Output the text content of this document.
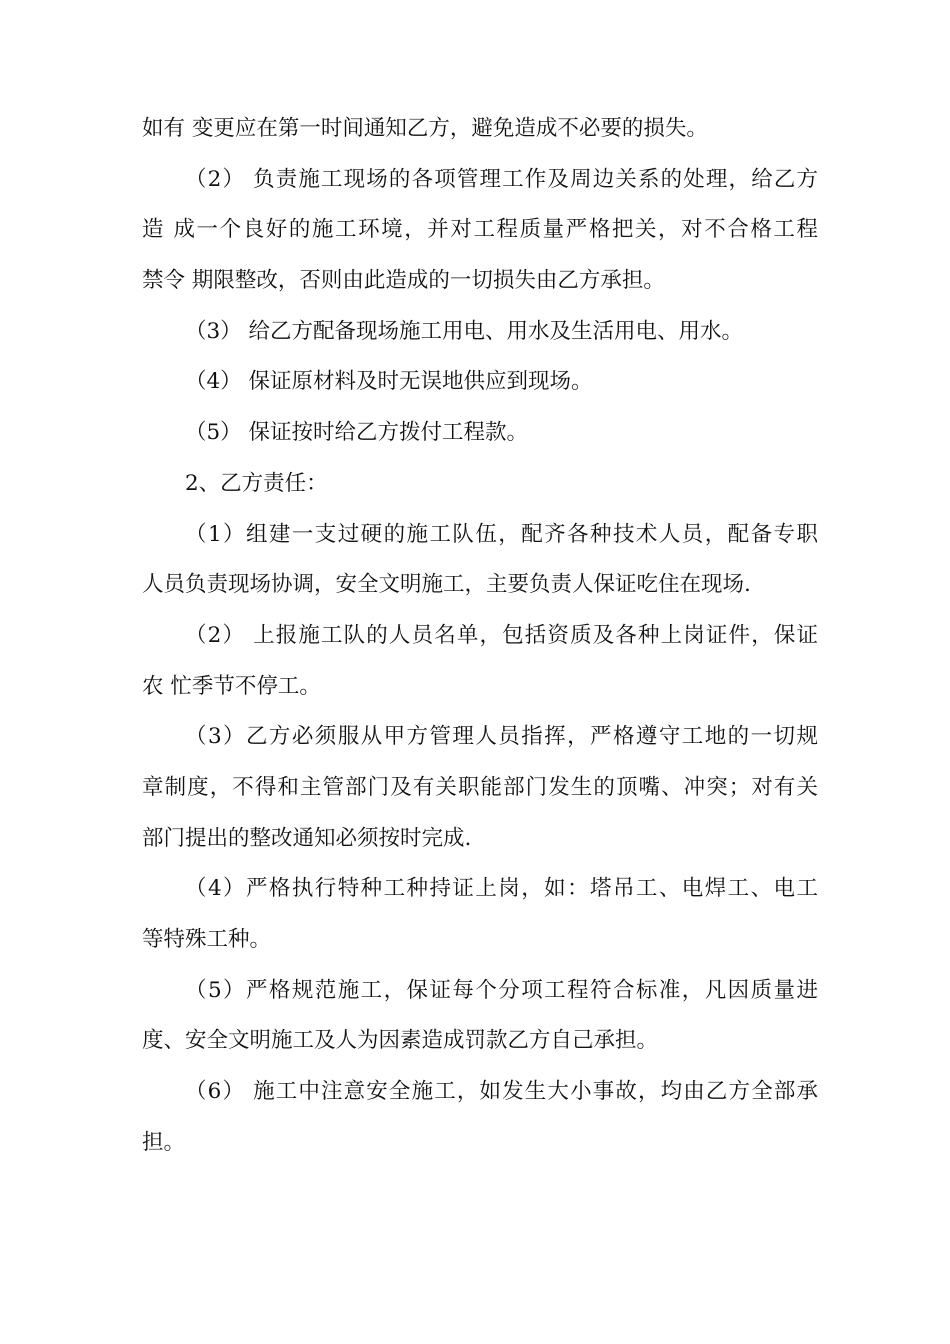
如有 变更应在第一时间通知乙方，避免造成不必要的损失。
（2） 负责施工现场的各项管理工作及周边关系的处理，给乙方
造 成一个良好的施工环境，并对工程质量严格把关，对不合格工程
禁令 期限整改，否则由此造成的一切损失由乙方承担。
（3） 给乙方配备现场施工用电、用水及生活用电、用水。
（4） 保证原材料及时无误地供应到现场。
（5） 保证按时给乙方拨付工程款。
2、乙方责任：
（1）组建一支过硬的施工队伍，配齐各种技术人员，配备专职
人员负责现场协调，安全文明施工，主要负责人保证吃住在现场.
（2） 上报施工队的人员名单，包括资质及各种上岗证件，保证
农 忙季节不停工。
（3）乙方必须服从甲方管理人员指挥，严格遵守工地的一切规
章制度，不得和主管部门及有关职能部门发生的顶嘴、冲突；对有关
部门提出的整改通知必须按时完成.
（4）严格执行特种工种持证上岗，如：塔吊工、电焊工、电工
等特殊工种。
（5）严格规范施工，保证每个分项工程符合标准，凡因质量进
度、安全文明施工及人为因素造成罚款乙方自己承担。
（6） 施工中注意安全施工，如发生大小事故，均由乙方全部承
担。
